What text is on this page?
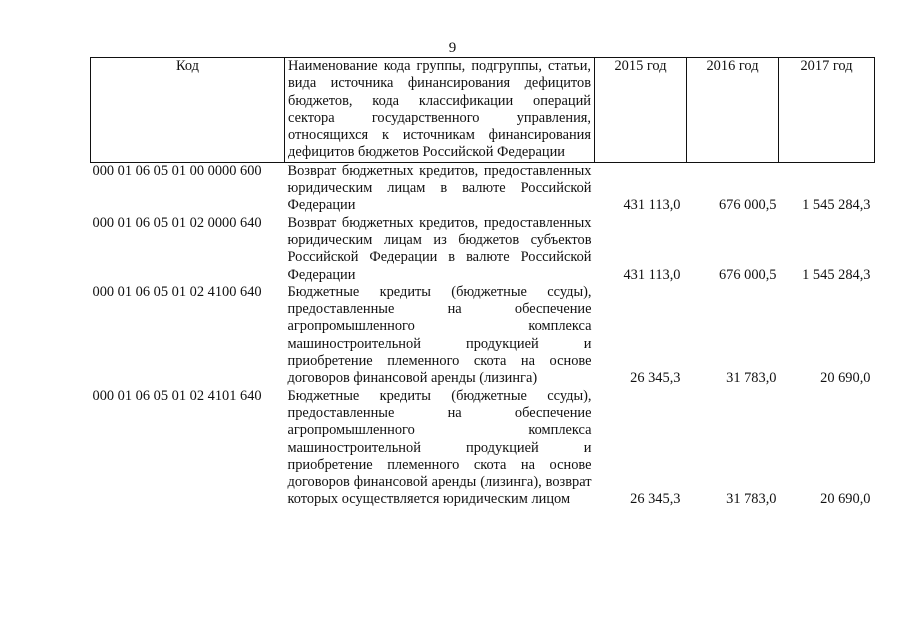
9
Код	Наименование кода группы, подгруппы, статьи, вида источника финансирования дефицитов бюджетов, кода классификации операций сектора государственного управления, относящихся к источникам финансирования дефицитов бюджетов Российской Федерации	2015 год	2016 год	2017 год
000 01 06 05 01 00 0000 600	Возврат бюджетных кредитов, предоставленных юридическим лицам в валюте Российской Федерации	431 113,0	676 000,5	1 545 284,3
000 01 06 05 01 02 0000 640	Возврат бюджетных кредитов, предоставленных юридическим лицам из бюджетов субъектов Российской Федерации в валюте Российской Федерации	431 113,0	676 000,5	1 545 284,3
000 01 06 05 01 02 4100 640	Бюджетные кредиты (бюджетные ссуды), предоставленные на обеспечение агропромышленного комплекса машиностроительной продукцией и приобретение племенного скота на основе договоров финансовой аренды (лизинга)	26 345,3	31 783,0	20 690,0
000 01 06 05 01 02 4101 640	Бюджетные кредиты (бюджетные ссуды), предоставленные на обеспечение агропромышленного комплекса машиностроительной продукцией и приобретение племенного скота на основе договоров финансовой аренды (лизинга), возврат которых осуществляется юридическим лицом	26 345,3	31 783,0	20 690,0
